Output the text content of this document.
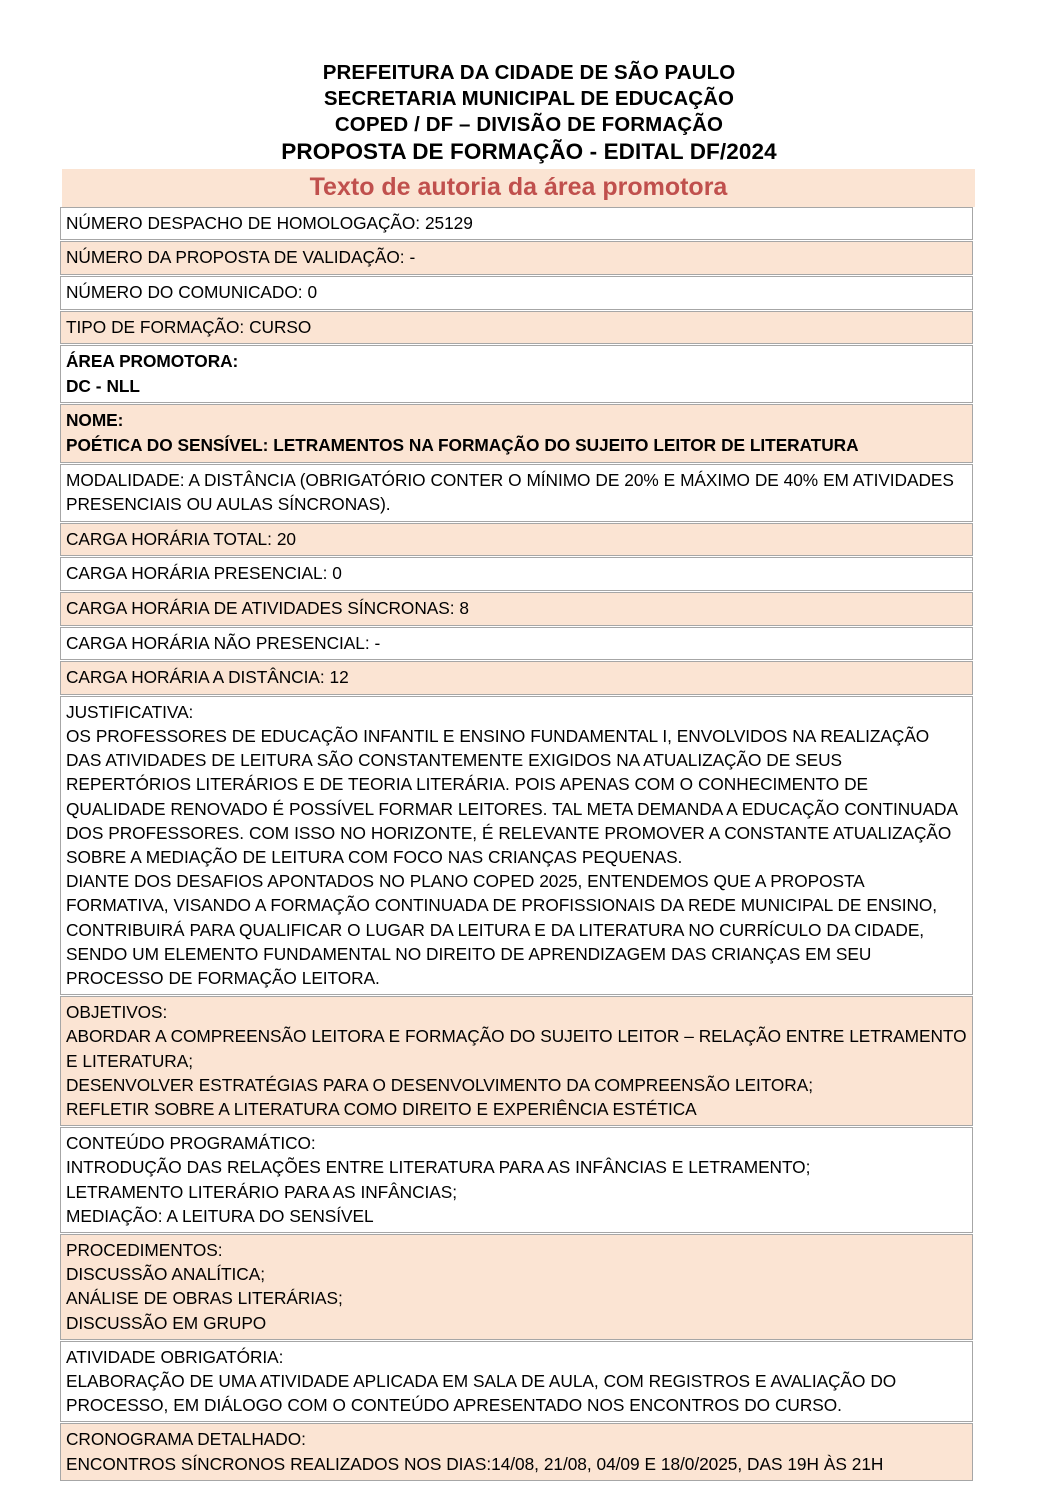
PREFEITURA DA CIDADE DE SÃO PAULO
SECRETARIA MUNICIPAL DE EDUCAÇÃO
COPED / DF – DIVISÃO DE FORMAÇÃO
PROPOSTA DE FORMAÇÃO - EDITAL DF/2024
Texto de autoria da área promotora

NÚMERO DESPACHO DE HOMOLOGAÇÃO: 25129

NÚMERO DA PROPOSTA DE VALIDAÇÃO: -

NÚMERO DO COMUNICADO: 0

TIPO DE FORMAÇÃO: CURSO

ÁREA PROMOTORA:

DC - NLL

NOME:

POÉTICA DO SENSÍVEL: LETRAMENTOS NA FORMAÇÃO DO SUJEITO LEITOR DE LITERATURA

MODALIDADE: A DISTÂNCIA (OBRIGATÓRIO CONTER O MÍNIMO DE 20% E MÁXIMO DE 40% EM ATIVIDADES PRESENCIAIS OU AULAS SÍNCRONAS).

CARGA HORÁRIA TOTAL: 20

CARGA HORÁRIA PRESENCIAL: 0

CARGA HORÁRIA DE ATIVIDADES SÍNCRONAS: 8

CARGA HORÁRIA NÃO PRESENCIAL: -

CARGA HORÁRIA A DISTÂNCIA: 12

JUSTIFICATIVA:

OS PROFESSORES DE EDUCAÇÃO INFANTIL E ENSINO FUNDAMENTAL I, ENVOLVIDOS NA REALIZAÇÃO DAS ATIVIDADES DE LEITURA SÃO CONSTANTEMENTE EXIGIDOS NA ATUALIZAÇÃO DE SEUS REPERTÓRIOS LITERÁRIOS E DE TEORIA LITERÁRIA. POIS APENAS COM O CONHECIMENTO DE QUALIDADE RENOVADO É POSSÍVEL FORMAR LEITORES. TAL META DEMANDA A EDUCAÇÃO CONTINUADA DOS PROFESSORES. COM ISSO NO HORIZONTE, É RELEVANTE PROMOVER A CONSTANTE ATUALIZAÇÃO SOBRE A MEDIAÇÃO DE LEITURA COM FOCO NAS CRIANÇAS PEQUENAS.

DIANTE DOS DESAFIOS APONTADOS NO PLANO COPED 2025, ENTENDEMOS QUE A PROPOSTA FORMATIVA, VISANDO A FORMAÇÃO CONTINUADA DE PROFISSIONAIS DA REDE MUNICIPAL DE ENSINO, CONTRIBUIRÁ PARA QUALIFICAR O LUGAR DA LEITURA E DA LITERATURA NO CURRÍCULO DA CIDADE, SENDO UM ELEMENTO FUNDAMENTAL NO DIREITO DE APRENDIZAGEM DAS CRIANÇAS EM SEU PROCESSO DE FORMAÇÃO LEITORA.

OBJETIVOS:

ABORDAR A COMPREENSÃO LEITORA E FORMAÇÃO DO SUJEITO LEITOR – RELAÇÃO ENTRE LETRAMENTO E LITERATURA;

DESENVOLVER ESTRATÉGIAS PARA O DESENVOLVIMENTO DA COMPREENSÃO LEITORA;

REFLETIR SOBRE A LITERATURA COMO DIREITO E EXPERIÊNCIA ESTÉTICA

CONTEÚDO PROGRAMÁTICO:

INTRODUÇÃO DAS RELAÇÕES ENTRE LITERATURA PARA AS INFÂNCIAS E LETRAMENTO;

LETRAMENTO LITERÁRIO PARA AS INFÂNCIAS;

MEDIAÇÃO: A LEITURA DO SENSÍVEL

PROCEDIMENTOS:

DISCUSSÃO ANALÍTICA;

ANÁLISE DE OBRAS LITERÁRIAS;

DISCUSSÃO EM GRUPO

ATIVIDADE OBRIGATÓRIA:

ELABORAÇÃO DE UMA ATIVIDADE APLICADA EM SALA DE AULA, COM REGISTROS E AVALIAÇÃO DO PROCESSO, EM DIÁLOGO COM O CONTEÚDO APRESENTADO NOS ENCONTROS DO CURSO.

CRONOGRAMA DETALHADO:

ENCONTROS SÍNCRONOS REALIZADOS NOS DIAS:14/08, 21/08, 04/09 E 18/0/2025, DAS 19H ÀS 21H
